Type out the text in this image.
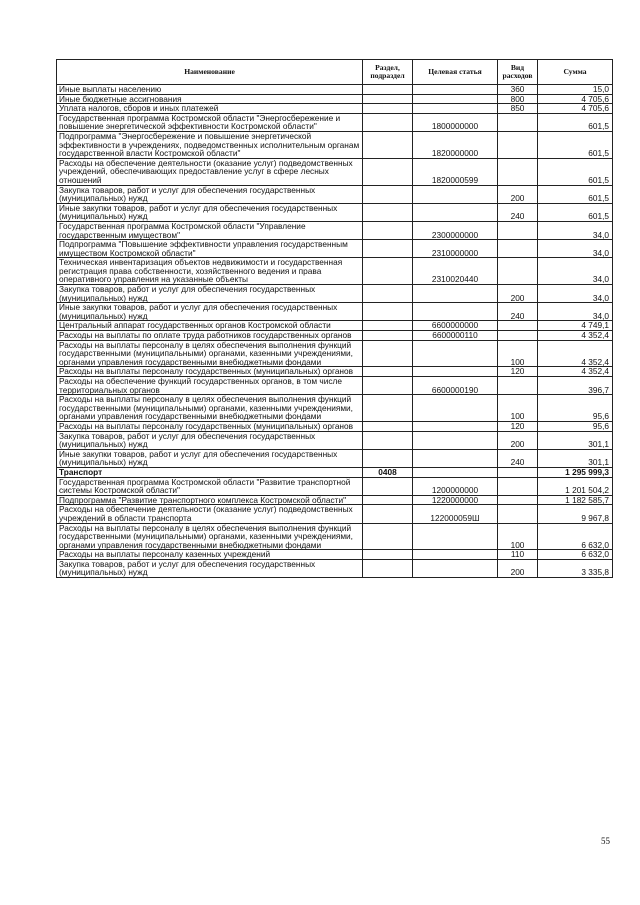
Наименование	Раздел, подраздел	Целевая статья	Вид расходов	Сумма
Иные выплаты населению			360	15,0
Иные бюджетные ассигнования			800	4 705,6
Уплата налогов, сборов и иных платежей			850	4 705,6
Государственная программа Костромской области "Энергосбережение и повышение энергетической эффективности Костромской области"		1800000000		601,5
Подпрограмма "Энергосбережение и повышение энергетической эффективности в учреждениях, подведомственных исполнительным органам государственной власти Костромской области"		1820000000		601,5
Расходы на обеспечение деятельности (оказание услуг) подведомственных учреждений, обеспечивающих предоставление услуг в сфере лесных отношений		1820000599		601,5
Закупка товаров, работ и услуг для обеспечения государственных (муниципальных) нужд			200	601,5
Иные закупки товаров, работ и услуг для обеспечения государственных (муниципальных) нужд			240	601,5
Государственная программа Костромской области "Управление государственным имуществом"		2300000000		34,0
Подпрограмма "Повышение эффективности управления государственным имуществом Костромской области"		2310000000		34,0
Техническая инвентаризация объектов недвижимости и государственная регистрация права собственности, хозяйственного ведения и права оперативного управления на указанные объекты		2310020440		34,0
Закупка товаров, работ и услуг для обеспечения государственных (муниципальных) нужд			200	34,0
Иные закупки товаров, работ и услуг для обеспечения государственных (муниципальных) нужд			240	34,0
Центральный аппарат государственных органов Костромской области		6600000000		4 749,1
Расходы на выплаты по оплате труда работников государственных органов		6600000110		4 352,4
Расходы на выплаты персоналу в целях обеспечения выполнения функций государственными (муниципальными) органами, казенными учреждениями, органами управления государственными внебюджетными фондами			100	4 352,4
Расходы на выплаты персоналу государственных (муниципальных) органов			120	4 352,4
Расходы на обеспечение функций государственных органов, в том числе территориальных органов		6600000190		396,7
Расходы на выплаты персоналу в целях обеспечения выполнения функций государственными (муниципальными) органами, казенными учреждениями, органами управления государственными внебюджетными фондами			100	95,6
Расходы на выплаты персоналу государственных (муниципальных) органов			120	95,6
Закупка товаров, работ и услуг для обеспечения государственных (муниципальных) нужд			200	301,1
Иные закупки товаров, работ и услуг для обеспечения государственных (муниципальных) нужд			240	301,1
Транспорт	0408			1 295 999,3
Государственная программа Костромской области "Развитие транспортной системы Костромской области"		1200000000		1 201 504,2
Подпрограмма "Развитие транспортного комплекса Костромской области"		1220000000		1 182 585,7
Расходы на обеспечение деятельности (оказание услуг) подведомственных учреждений в области транспорта		122000059Ш		9 967,8
Расходы на выплаты персоналу в целях обеспечения выполнения функций государственными (муниципальными) органами, казенными учреждениями, органами управления государственными внебюджетными фондами			100	6 632,0
Расходы на выплаты персоналу казенных учреждений			110	6 632,0
Закупка товаров, работ и услуг для обеспечения государственных (муниципальных) нужд			200	3 335,8
55
